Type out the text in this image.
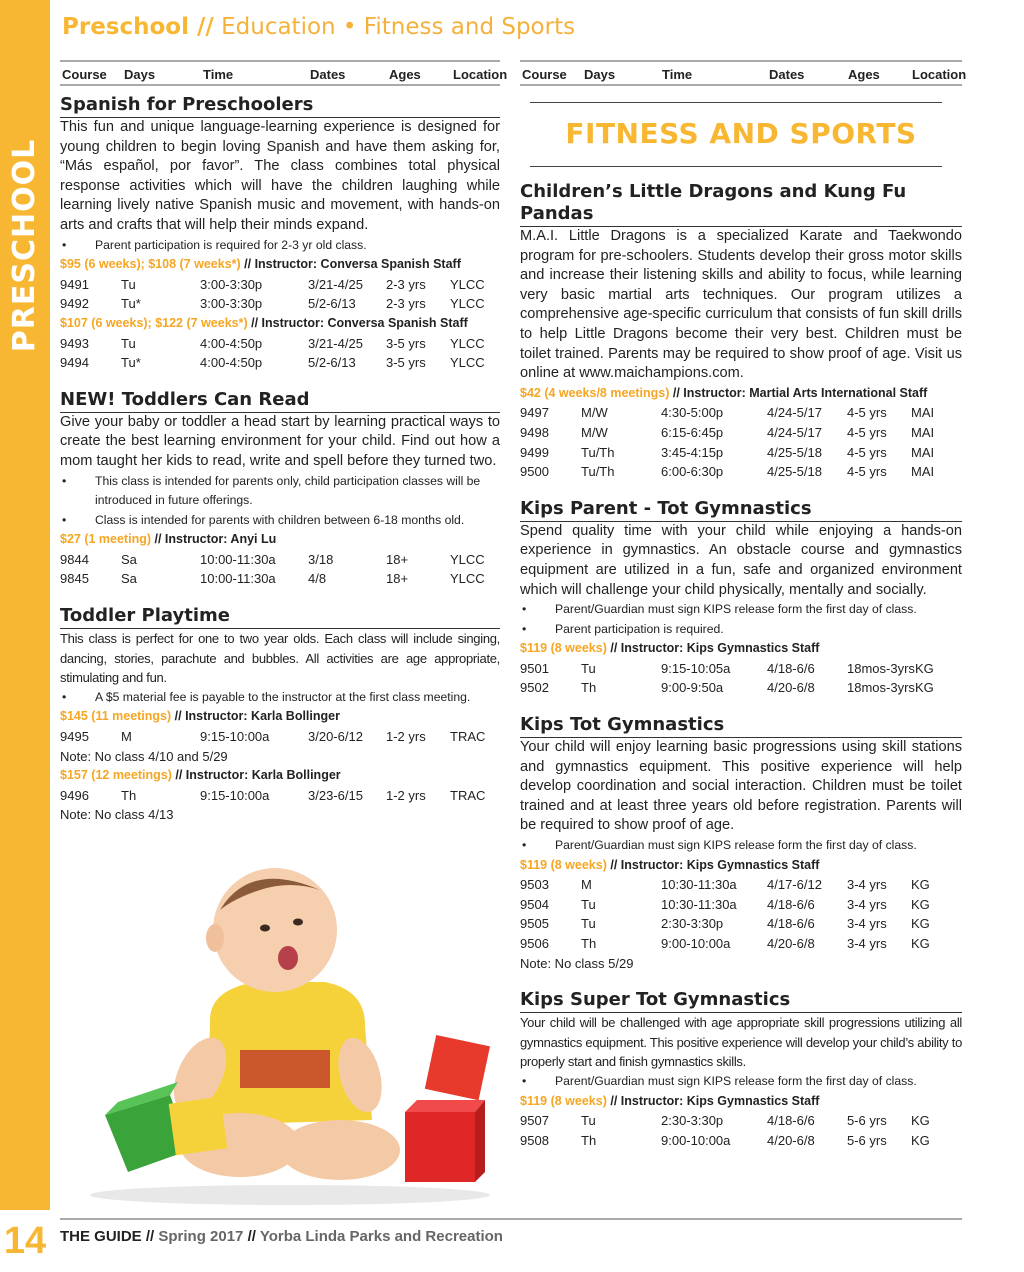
PRESCHOOL
14
Preschool // Education • Fitness and Sports
Course Days	Time	Dates	Ages Location
Spanish for Preschoolers
This fun and unique language-learning experience is designed for young children to begin loving Spanish and have them asking for, “Más español, por favor”. The class combines total physical response activities which will have the children laughing while learning lively native Spanish music and movement, with hands-on arts and crafts that will help their minds expand.
•	Parent participation is required for 2-3 yr old class.
$95 (6 weeks); $108 (7 weeks*) // Instructor: Conversa Spanish Staff
9491 Tu	3:00-3:30p	3/21-4/25 2-3 yrs YLCC
9492 Tu*	3:00-3:30p	5/2-6/13 2-3 yrs YLCC
$107 (6 weeks); $122 (7 weeks*) // Instructor: Conversa Spanish Staff
9493 Tu	4:00-4:50p	3/21-4/25 3-5 yrs YLCC
9494 Tu*	4:00-4:50p	5/2-6/13 3-5 yrs YLCC
NEW! Toddlers Can Read
Give your baby or toddler a head start by learning practical ways to create the best learning environment for your child. Find out how a mom taught her kids to read, write and spell before they turned two.
•	This class is intended for parents only, child participation classes will be introduced in future offerings.
•	Class is intended for parents with children between 6-18 months old.
$27 (1 meeting) // Instructor: Anyi Lu
9844 Sa	10:00-11:30a 3/18	18+	YLCC
9845 Sa	10:00-11:30a 4/8	18+	YLCC
Toddler Playtime
This class is perfect for one to two year olds. Each class will include singing, dancing, stories, parachute and bubbles. All activities are age appropriate, stimulating and fun.
•	A $5 material fee is payable to the instructor at the first class meeting.
$145 (11 meetings) // Instructor: Karla Bollinger
9495 M	9:15-10:00a	3/20-6/12 1-2 yrs TRAC
Note: No class 4/10 and 5/29
$157 (12 meetings) // Instructor: Karla Bollinger
9496 Th	9:15-10:00a	3/23-6/15 1-2 yrs TRAC
Note: No class 4/13
Course Days	Time	Dates	Ages Location
FITNESS AND SPORTS
Children’s Little Dragons and Kung Fu Pandas
M.A.I. Little Dragons is a specialized Karate and Taekwondo program for pre-schoolers. Students develop their gross motor skills and increase their listening skills and ability to focus, while learning very basic martial arts techniques. Our program utilizes a comprehensive age-specific curriculum that consists of fun skill drills to help Little Dragons become their very best. Children must be toilet trained. Parents may be required to show proof of age. Visit us online at www.maichampions.com.
$42 (4 weeks/8 meetings) // Instructor: Martial Arts International Staff
9497 M/W	4:30-5:00p	4/24-5/17 4-5 yrs MAI
9498 M/W	6:15-6:45p	4/24-5/17 4-5 yrs MAI
9499 Tu/Th	3:45-4:15p	4/25-5/18 4-5 yrs MAI
9500 Tu/Th	6:00-6:30p	4/25-5/18 4-5 yrs MAI
Kips Parent - Tot Gymnastics
Spend quality time with your child while enjoying a hands-on experience in gymnastics. An obstacle course and gymnastics equipment are utilized in a fun, safe and organized environment which will challenge your child physically, mentally and socially.
•	Parent/Guardian must sign KIPS release form the first day of class.
•	Parent participation is required.
$119 (8 weeks) // Instructor: Kips Gymnastics Staff
9501 Tu	9:15-10:05a	4/18-6/6 18mos-3yrs KG
9502 Th	9:00-9:50a	4/20-6/8 18mos-3yrs KG
Kips Tot Gymnastics
Your child will enjoy learning basic progressions using skill stations and gymnastics equipment. This positive experience will help develop coordination and social interaction. Children must be toilet trained and at least three years old before registration. Parents will be required to show proof of age.
•	Parent/Guardian must sign KIPS release form the first day of class.
$119 (8 weeks) // Instructor: Kips Gymnastics Staff
9503 M	10:30-11:30a 4/17-6/12 3-4 yrs KG
9504 Tu	10:30-11:30a 4/18-6/6 3-4 yrs KG
9505 Tu	2:30-3:30p	4/18-6/6 3-4 yrs KG
9506 Th	9:00-10:00a	4/20-6/8 3-4 yrs KG
Note: No class 5/29
Kips Super Tot Gymnastics
Your child will be challenged with age appropriate skill progressions utilizing all gymnastics equipment. This positive experience will develop your child’s ability to properly start and finish gymnastics skills.
•	Parent/Guardian must sign KIPS release form the first day of class.
$119 (8 weeks) // Instructor: Kips Gymnastics Staff
9507 Tu	2:30-3:30p	4/18-6/6 5-6 yrs KG
9508 Th	9:00-10:00a	4/20-6/8 5-6 yrs KG
THE GUIDE // Spring 2017 // Yorba Linda Parks and Recreation
